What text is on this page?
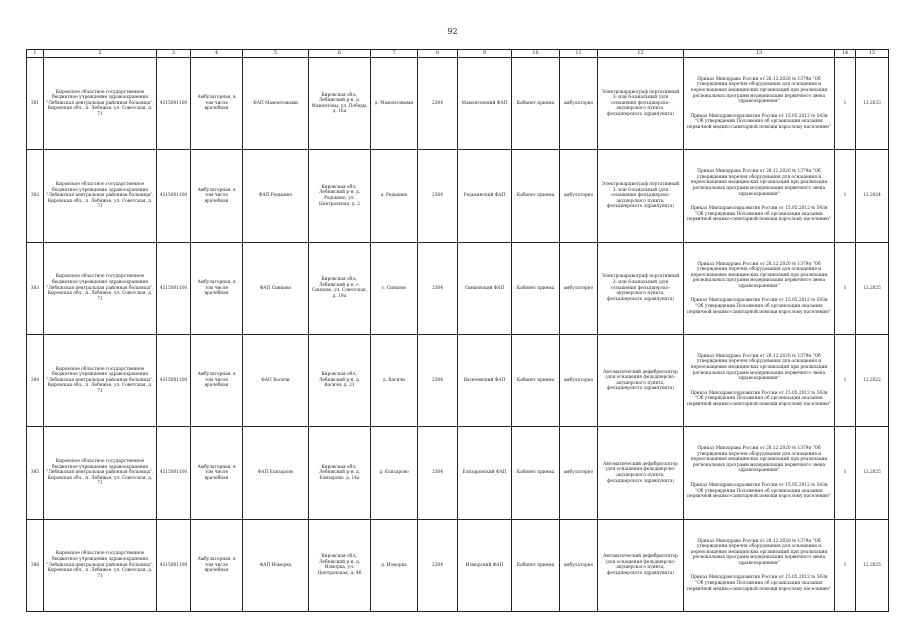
92
1	2	3	4	5	6	7	8	9	10	11	12	13	14	15
381	Кировское областное государственное бюджетное учреждение здравоохранения "Лебяжская центральная районная больница", Кировская обл., п. Лебяжье, ул. Советская, д. 71	4315001100	Амбулаторная, в том числе врачебная	ФАП Мамонтовыми	Кировская обл., Лебяжский р-н, д. Мамонтовы, ул. Победы, д. 16а	д. Мамонтовыми	2304	Мамонтовский ФАП	Кабинет приема	амбулаторно	Электрокардиограф портативный 3- или 6-канальный (для оснащения фельдшерско-акушерского пункта, фельдшерского здравпункта)	Приказ Минздрава России от 28.12.2020 № 1379н "Об утверждении перечня оборудования для оснащения и переоснащения медицинских организаций при реализации региональных программ модернизации первичного звена здравоохранения"
Приказ Минздравсоцразвития России от 15.05.2012 № 543н "Об утверждении Положения об организации оказания первичной медико-санитарной помощи взрослому населению"	1	12.2023
382	Кировское областное государственное бюджетное учреждение здравоохранения "Лебяжская центральная районная больница", Кировская обл., п. Лебяжье, ул. Советская, д. 71	4315001100	Амбулаторная, в том числе врачебная	ФАП Редькино	Кировская обл., Лебяжский р-н, д. Редькино, ул. Центральная, д. 2	д. Редькино	2304	Редькинский ФАП	Кабинет приема	амбулаторно	Электрокардиограф портативный 3- или 6-канальный (для оснащения фельдшерско-акушерского пункта, фельдшерского здравпункта)	Приказ Минздрава России от 28.12.2020 № 1379н "Об утверждении перечня оборудования для оснащения и переоснащения медицинских организаций при реализации региональных программ модернизации первичного звена здравоохранения"
Приказ Минздравсоцразвития России от 15.05.2012 № 543н "Об утверждении Положения об организации оказания первичной медико-санитарной помощи взрослому населению"	1	12.2024
383	Кировское областное государственное бюджетное учреждение здравоохранения "Лебяжская центральная районная больница", Кировская обл., п. Лебяжье, ул. Советская, д. 71	4315001100	Амбулаторная, в том числе врачебная	ФАП Синцово	Кировская обл., Лебяжский р-н, с. Синцово, ул. Советская, д. 19а	с. Синцово	2304	Синцовский ФАП	Кабинет приема	амбулаторно	Электрокардиограф портативный 3- или 6-канальный (для оснащения фельдшерско-акушерского пункта, фельдшерского здравпункта)	Приказ Минздрава России от 28.12.2020 № 1379н "Об утверждении перечня оборудования для оснащения и переоснащения медицинских организаций при реализации региональных программ модернизации первичного звена здравоохранения"
Приказ Минздравсоцразвития России от 15.05.2012 № 543н "Об утверждении Положения об организации оказания первичной медико-санитарной помощи взрослому населению"	1	12.2025
384	Кировское областное государственное бюджетное учреждение здравоохранения "Лебяжская центральная районная больница", Кировская обл., п. Лебяжье, ул. Советская, д. 71	4315001100	Амбулаторная, в том числе врачебная	ФАП Васичи	Кировская обл., Лебяжский р-н, д. Васичи, д. 21	д. Васичи	2304	Васичевский ФАП	Кабинет приема	амбулаторно	Автоматический дефибриллятор (для оснащения фельдшерско-акушерского пункта, фельдшерского здравпункта)	Приказ Минздрава России от 28.12.2020 № 1379н "Об утверждении перечня оборудования для оснащения и переоснащения медицинских организаций при реализации региональных программ модернизации первичного звена здравоохранения"
Приказ Минздравсоцразвития России от 15.05.2012 № 543н "Об утверждении Положения об организации оказания первичной медико-санитарной помощи взрослому населению"	1	12.2022
385	Кировское областное государственное бюджетное учреждение здравоохранения "Лебяжская центральная районная больница", Кировская обл., п. Лебяжье, ул. Советская, д. 71	4315001100	Амбулаторная, в том числе врачебная	ФАП Елизарово	Кировская обл., Лебяжский р-н, д. Елизарово, д. 14а	д. Елизарово	2304	Елизаровский ФАП	Кабинет приема	амбулаторно	Автоматический дефибриллятор (для оснащения фельдшерско-акушерского пункта, фельдшерского здравпункта)	Приказ Минздрава России от 28.12.2020 № 1379н "Об утверждении перечня оборудования для оснащения и переоснащения медицинских организаций при реализации региональных программ модернизации первичного звена здравоохранения"
Приказ Минздравсоцразвития России от 15.05.2012 № 543н "Об утверждении Положения об организации оказания первичной медико-санитарной помощи взрослому населению"	1	12.2025
386	Кировское областное государственное бюджетное учреждение здравоохранения "Лебяжская центральная районная больница", Кировская обл., п. Лебяжье, ул. Советская, д. 71	4315001100	Амбулаторная, в том числе врачебная	ФАП Изморка	Кировская обл., Лебяжский р-н, д. Изморка, ул. Центральная, д. 46	д. Изморка	2304	Изморский ФАП	Кабинет приема	амбулаторно	Автоматический дефибриллятор (для оснащения фельдшерско-акушерского пункта, фельдшерского здравпункта)	Приказ Минздрава России от 28.12.2020 № 1379н "Об утверждении перечня оборудования для оснащения и переоснащения медицинских организаций при реализации региональных программ модернизации первичного звена здравоохранения"
Приказ Минздравсоцразвития России от 15.05.2012 № 543н "Об утверждении Положения об организации оказания первичной медико-санитарной помощи взрослому населению"	1	12.2025
